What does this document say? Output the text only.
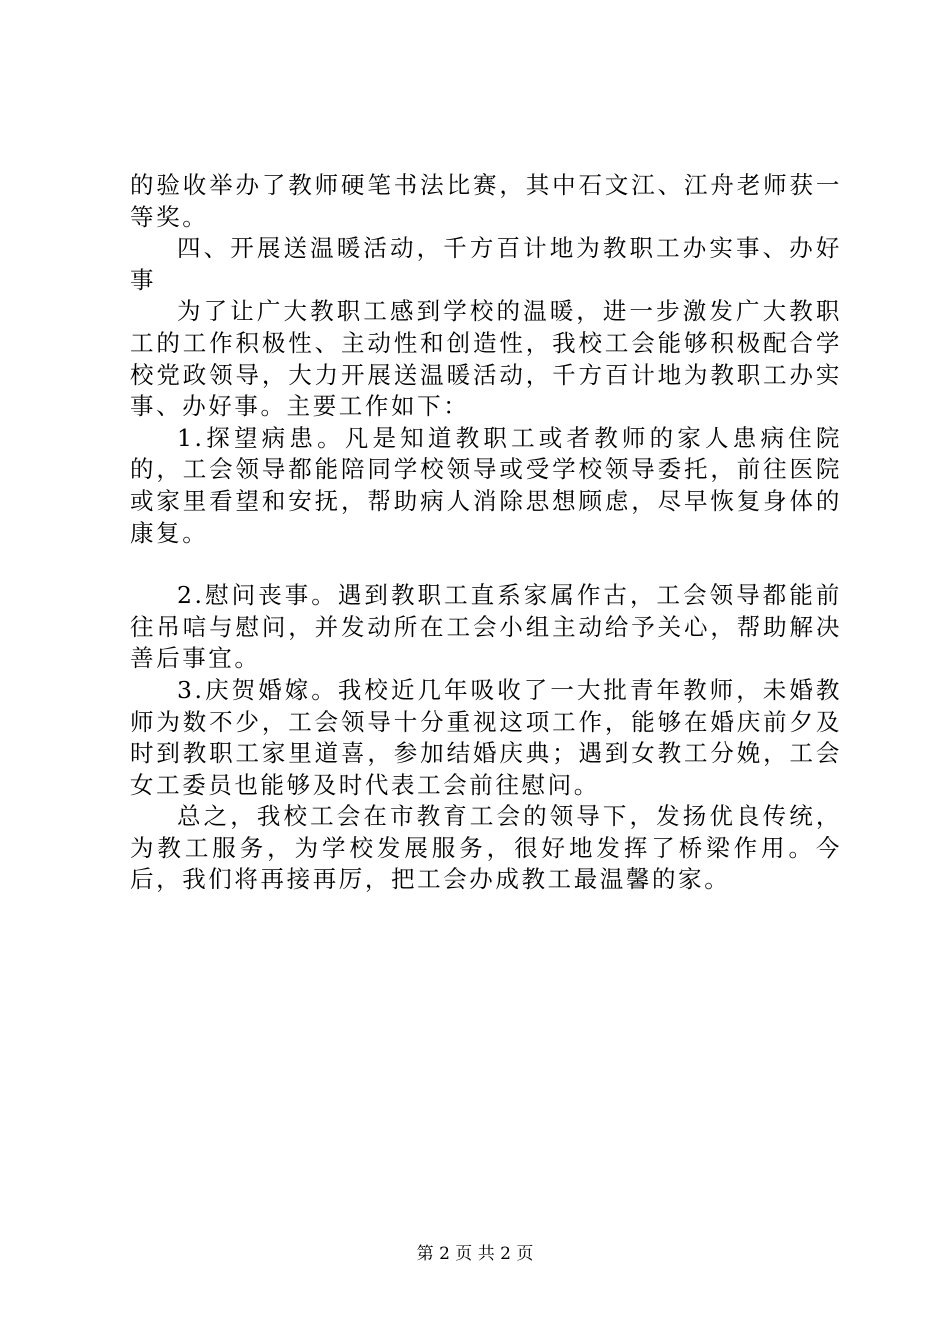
的验收举办了教师硬笔书法比赛，其中石文江、江舟老师获一等奖。

四、开展送温暖活动，千方百计地为教职工办实事、办好事

为了让广大教职工感到学校的温暖，进一步激发广大教职工的工作积极性、主动性和创造性，我校工会能够积极配合学校党政领导，大力开展送温暖活动，千方百计地为教职工办实事、办好事。主要工作如下：

1.探望病患。凡是知道教职工或者教师的家人患病住院的，工会领导都能陪同学校领导或受学校领导委托，前往医院或家里看望和安抚，帮助病人消除思想顾虑，尽早恢复身体的康复。

2.慰问丧事。遇到教职工直系家属作古，工会领导都能前往吊唁与慰问，并发动所在工会小组主动给予关心，帮助解决善后事宜。

3.庆贺婚嫁。我校近几年吸收了一大批青年教师，未婚教师为数不少，工会领导十分重视这项工作，能够在婚庆前夕及时到教职工家里道喜，参加结婚庆典；遇到女教工分娩，工会女工委员也能够及时代表工会前往慰问。

总之，我校工会在市教育工会的领导下，发扬优良传统，为教工服务，为学校发展服务，很好地发挥了桥梁作用。今后，我们将再接再厉，把工会办成教工最温馨的家。

第 2 页 共 2 页
